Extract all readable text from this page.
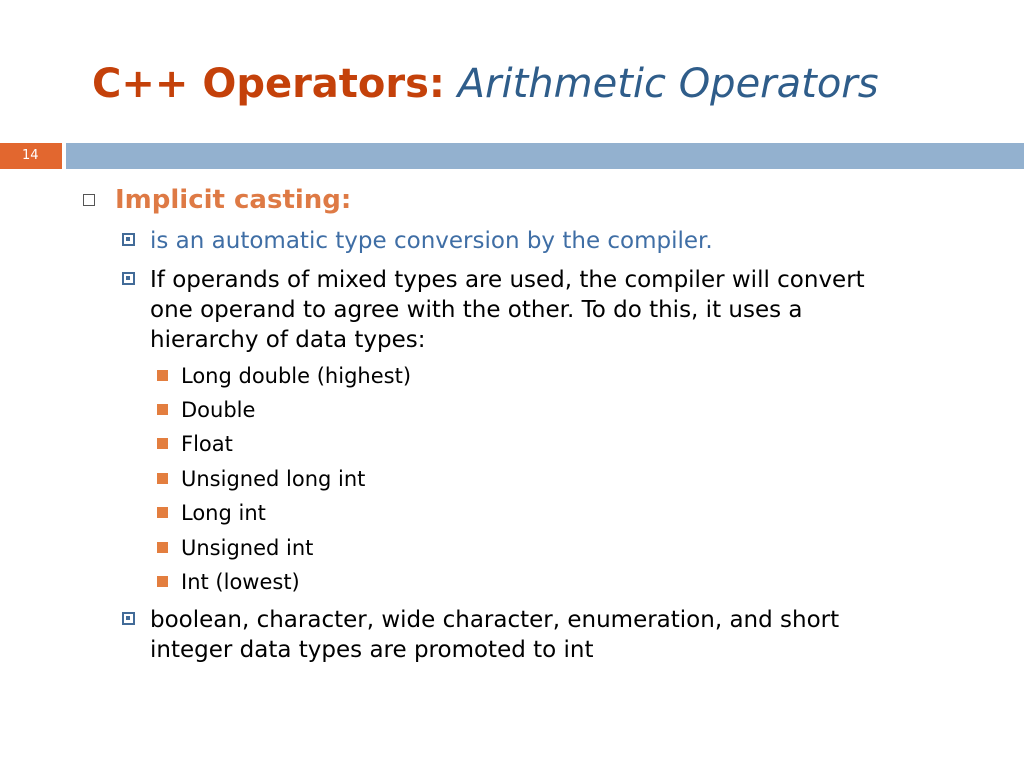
C++ Operators: Arithmetic Operators
14
Implicit casting:
is an automatic type conversion by the compiler.
If operands of mixed types are used, the compiler will convert
one operand to agree with the other. To do this, it uses a
hierarchy of data types:
Long double (highest)
Double
Float
Unsigned long int
Long int
Unsigned int
Int (lowest)
boolean, character, wide character, enumeration, and short
integer data types are promoted to int
